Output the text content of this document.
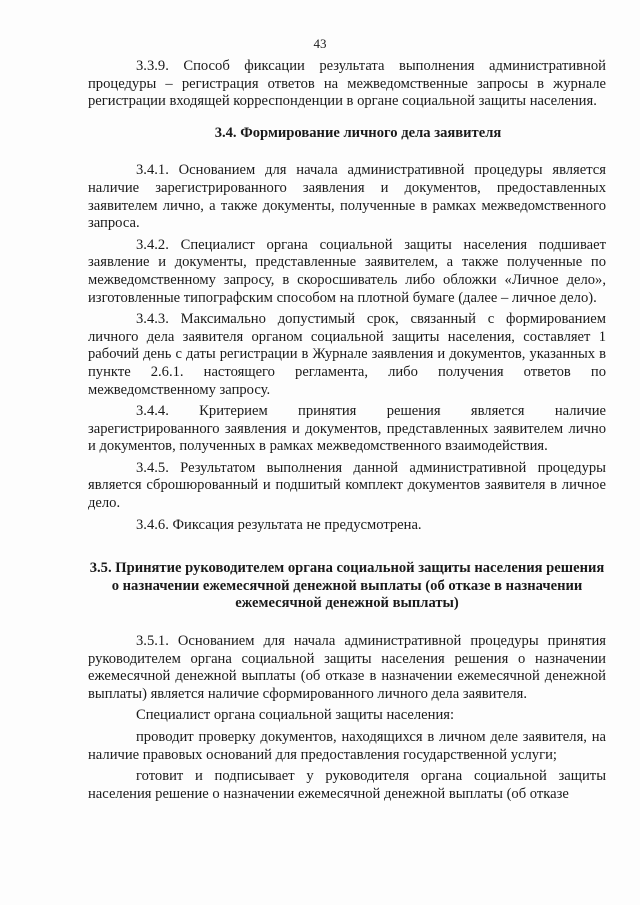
43

3.3.9. Способ фиксации результата выполнения административной процедуры – регистрация ответов на межведомственные запросы в журнале регистрации входящей корреспонденции в органе социальной защиты населения.

3.4. Формирование личного дела заявителя

3.4.1. Основанием для начала административной процедуры является наличие зарегистрированного заявления и документов, предоставленных заявителем лично, а также документы, полученные в рамках межведомственного запроса.

3.4.2. Специалист органа социальной защиты населения подшивает заявление и документы, представленные заявителем, а также полученные по межведомственному запросу, в скоросшиватель либо обложки «Личное дело», изготовленные типографским способом на плотной бумаге (далее – личное дело).

3.4.3. Максимально допустимый срок, связанный с формированием личного дела заявителя органом социальной защиты населения, составляет 1 рабочий день с даты регистрации в Журнале заявления и документов, указанных в пункте 2.6.1. настоящего регламента, либо получения ответов по межведомственному запросу.

3.4.4. Критерием принятия решения является наличие зарегистрированного заявления и документов, представленных заявителем лично и документов, полученных в рамках межведомственного взаимодействия.

3.4.5. Результатом выполнения данной административной процедуры является сброшюрованный и подшитый комплект документов заявителя в личное дело.

3.4.6. Фиксация результата не предусмотрена.

3.5. Принятие руководителем органа социальной защиты населения решения о назначении ежемесячной денежной выплаты (об отказе в назначении ежемесячной денежной выплаты)

3.5.1. Основанием для начала административной процедуры принятия руководителем органа социальной защиты населения решения о назначении ежемесячной денежной выплаты (об отказе в назначении ежемесячной денежной выплаты) является наличие сформированного личного дела заявителя.

Специалист органа социальной защиты населения:

проводит проверку документов, находящихся в личном деле заявителя, на наличие правовых оснований для предоставления государственной услуги;

готовит и подписывает у руководителя органа социальной защиты населения решение о назначении ежемесячной денежной выплаты (об отказе
